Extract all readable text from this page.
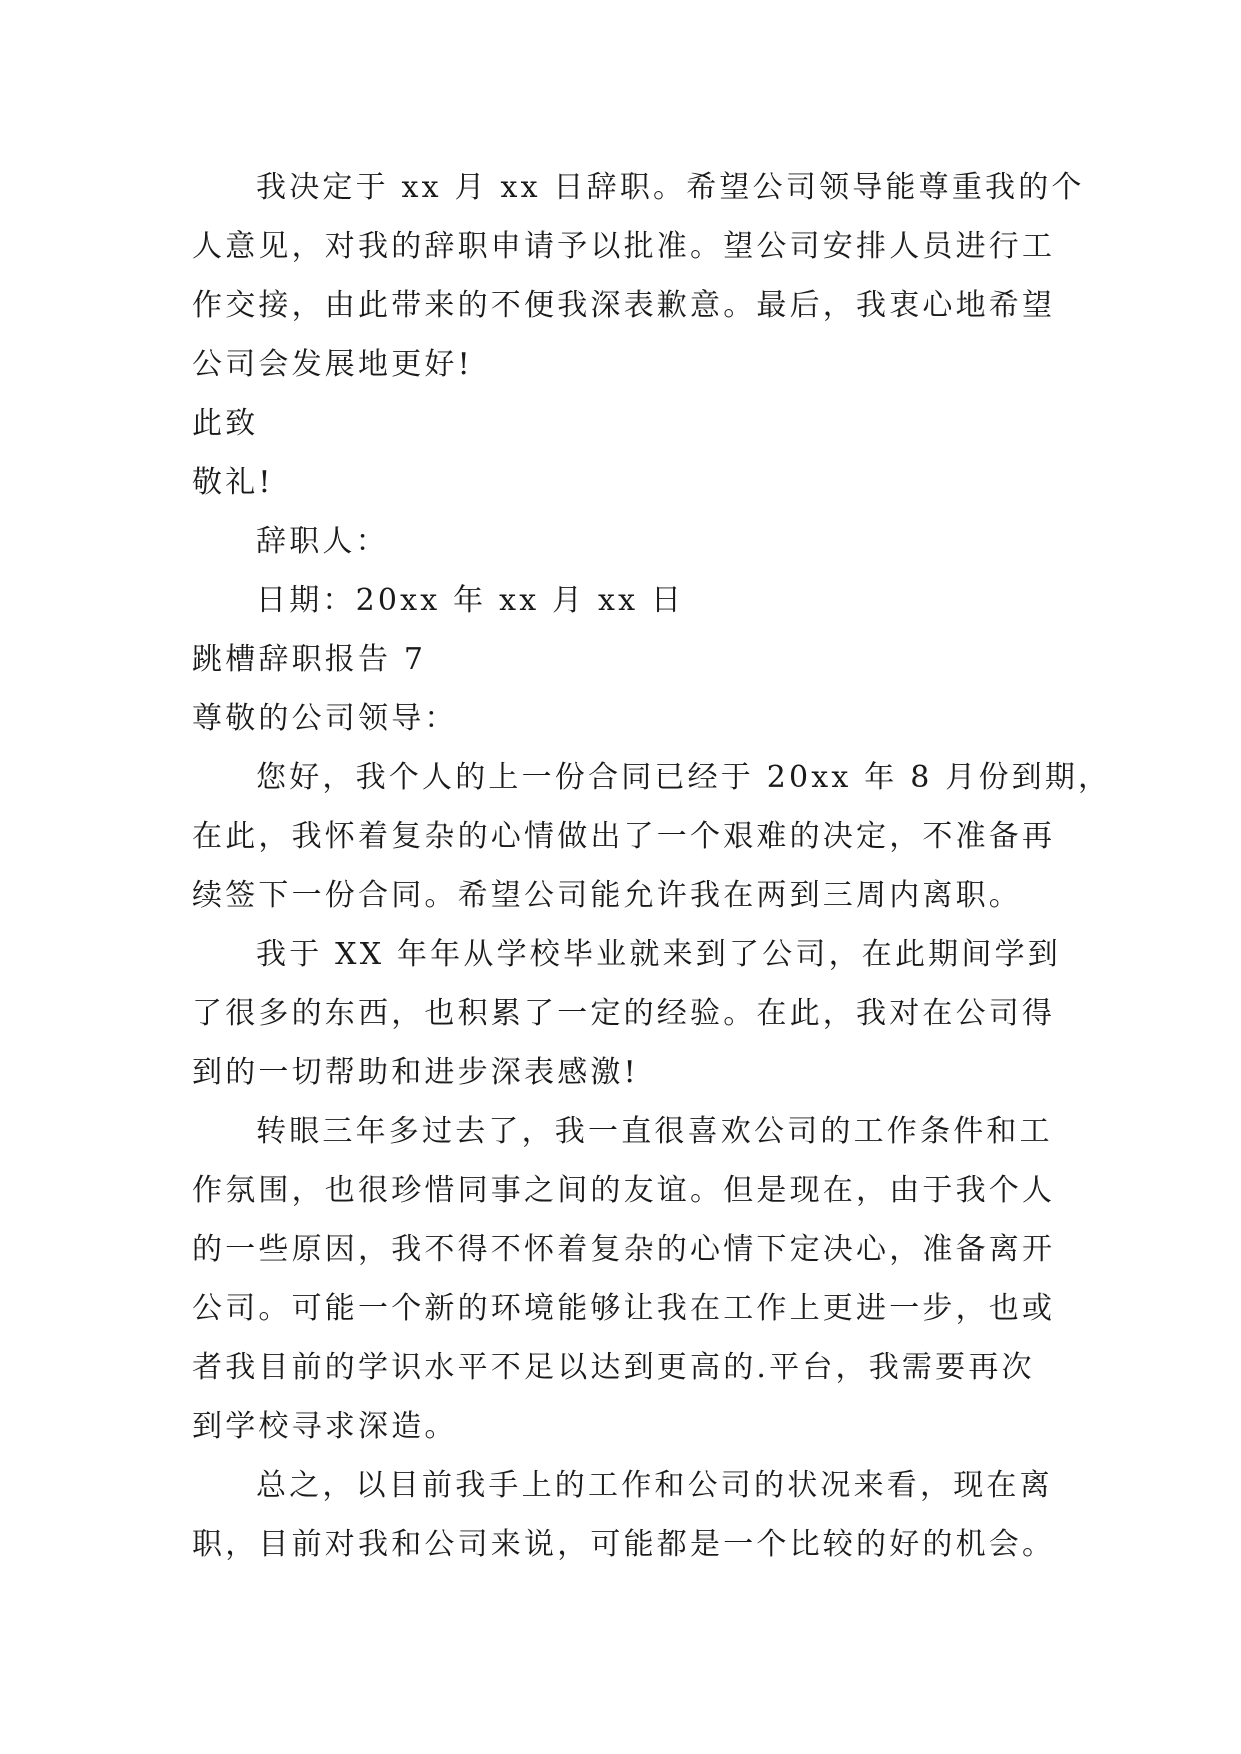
我决定于 xx 月 xx 日辞职。希望公司领导能尊重我的个
人意见，对我的辞职申请予以批准。望公司安排人员进行工
作交接，由此带来的不便我深表歉意。最后，我衷心地希望
公司会发展地更好!
此致
敬礼!
辞职人：
日期：20xx 年 xx 月 xx 日
跳槽辞职报告 7
尊敬的公司领导：
您好，我个人的上一份合同已经于 20xx 年 8 月份到期，
在此，我怀着复杂的心情做出了一个艰难的决定，不准备再
续签下一份合同。希望公司能允许我在两到三周内离职。
我于 XX 年年从学校毕业就来到了公司，在此期间学到
了很多的东西，也积累了一定的经验。在此，我对在公司得
到的一切帮助和进步深表感激!
转眼三年多过去了，我一直很喜欢公司的工作条件和工
作氛围，也很珍惜同事之间的友谊。但是现在，由于我个人
的一些原因，我不得不怀着复杂的心情下定决心，准备离开
公司。可能一个新的环境能够让我在工作上更进一步，也或
者我目前的学识水平不足以达到更高的.平台，我需要再次
到学校寻求深造。
总之，以目前我手上的工作和公司的状况来看，现在离
职，目前对我和公司来说，可能都是一个比较的好的机会。
